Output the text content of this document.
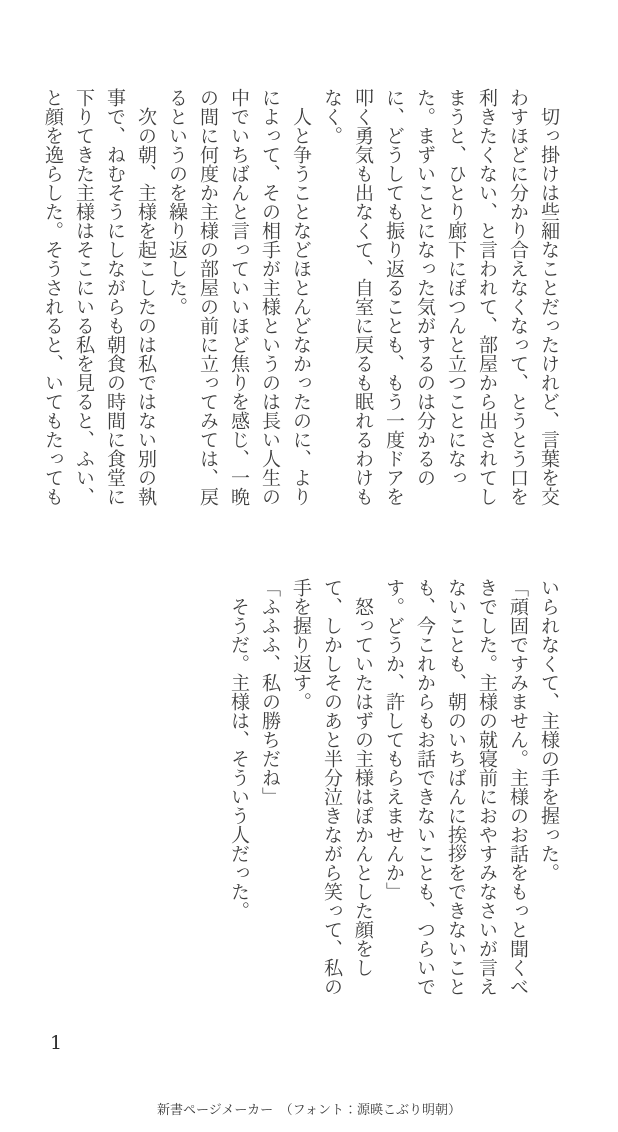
　切っ掛けは些細なことだったけれど、言葉を交わすほどに分かり合えなくなって、とうとう口を利きたくない、と言われて、部屋から出されてしまうと、ひとり廊下にぽつんと立つことになった。まずいことになった気がするのは分かるのに、どうしても振り返ることも、もう一度ドアを叩く勇気も出なくて、自室に戻るも眠れるわけもなく。

　人と争うことなどほとんどなかったのに、よりによって、その相手が主様というのは長い人生の中でいちばんと言っていいほど焦りを感じ、一晩の間に何度か主様の部屋の前に立ってみては、戻るというのを繰り返した。

　次の朝、主様を起こしたのは私ではない別の執事で、ねむそうにしながらも朝食の時間に食堂に下りてきた主様はそこにいる私を見ると、ふい、と顔を逸らした。そうされると、いてもたっても

いられなくて、主様の手を握った。

「頑固ですみません。主様のお話をもっと聞くべきでした。主様の就寝前におやすみなさいが言えないことも、朝のいちばんに挨拶をできないことも、今これからもお話できないことも、つらいです。どうか、許してもらえませんか」

　怒っていたはずの主様はぽかんとした顔をして、しかしそのあと半分泣きながら笑って、私の手を握り返す。

「ふふふ、私の勝ちだね」

　そうだ。主様は、そういう人だった。

1
新書ページメーカー　（フォント：源暎こぶり明朝）
